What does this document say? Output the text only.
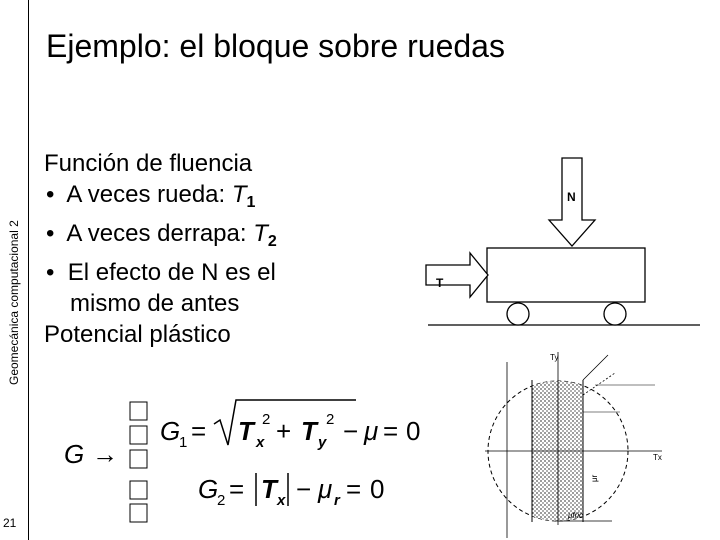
Geomecánica computacional 2
21
Ejemplo: el bloque sobre ruedas
Función de fluencia
• A veces rueda: $T_1$
• A veces derrapa: $T_2$
• El efecto de N es el
mismo de antes
Potencial plástico
N
T
Ty
Tx
μr
μfric
G →
G
1 = T x
2 + T y
2 − μ = 0
G
2 = T x − μ r = 0
